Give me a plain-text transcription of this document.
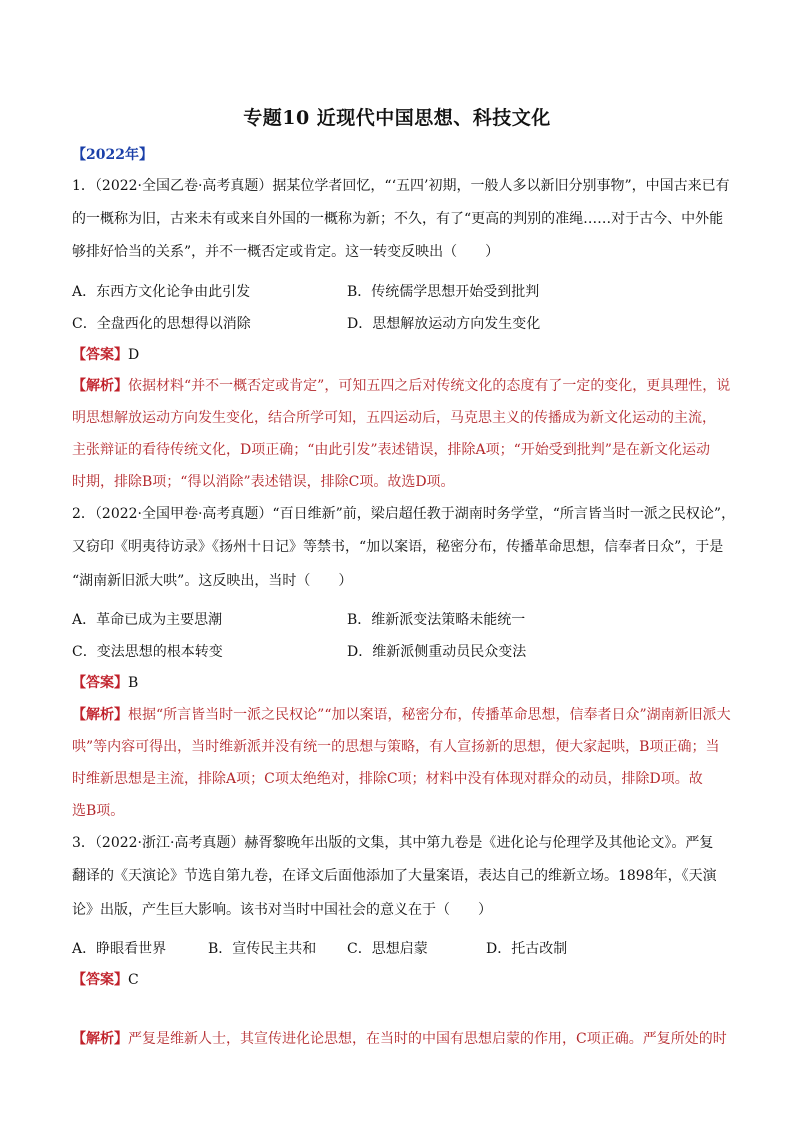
专题10 近现代中国思想、科技文化
【2022年】
1．（2022·全国乙卷·高考真题）据某位学者回忆，“‘五四’初期，一般人多以新旧分别事物”，中国古来已有
的一概称为旧，古来未有或来自外国的一概称为新；不久，有了“更高的判别的准绳……对于古今、中外能
够排好恰当的关系”，并不一概否定或肯定。这一转变反映出（　　）
A．东西方文化论争由此引发	B．传统儒学思想开始受到批判
C．全盘西化的思想得以消除	D．思想解放运动方向发生变化
【答案】D
【解析】依据材料“并不一概否定或肯定”，可知五四之后对传统文化的态度有了一定的变化，更具理性，说
明思想解放运动方向发生变化，结合所学可知，五四运动后，马克思主义的传播成为新文化运动的主流，
主张辩证的看待传统文化，D项正确；“由此引发”表述错误，排除A项；“开始受到批判”是在新文化运动
时期，排除B项；“得以消除”表述错误，排除C项。故选D项。
2．（2022·全国甲卷·高考真题）“百日维新”前，梁启超任教于湖南时务学堂，“所言皆当时一派之民权论”，
又窃印《明夷待访录》《扬州十日记》等禁书，“加以案语，秘密分布，传播革命思想，信奉者日众”，于是
“湖南新旧派大哄”。这反映出，当时（　　）
A．革命已成为主要思潮	B．维新派变法策略未能统一
C．变法思想的根本转变	D．维新派侧重动员民众变法
【答案】B
【解析】根据“所言皆当时一派之民权论”“加以案语，秘密分布，传播革命思想，信奉者日众”湖南新旧派大
哄”等内容可得出，当时维新派并没有统一的思想与策略，有人宣扬新的思想，便大家起哄，B项正确；当
时维新思想是主流，排除A项；C项太绝绝对，排除C项；材料中没有体现对群众的动员，排除D项。故
选B项。
3．（2022·浙江·高考真题）赫胥黎晚年出版的文集，其中第九卷是《进化论与伦理学及其他论文》。严复
翻译的《天演论》节选自第九卷，在译文后面他添加了大量案语，表达自己的维新立场。1898年，《天演
论》出版，产生巨大影响。该书对当时中国社会的意义在于（　　）
A．睁眼看世界	B．宣传民主共和 C．思想启蒙	D．托古改制
【答案】C
【解析】严复是维新人士，其宣传进化论思想，在当时的中国有思想启蒙的作用，C项正确。严复所处的时
